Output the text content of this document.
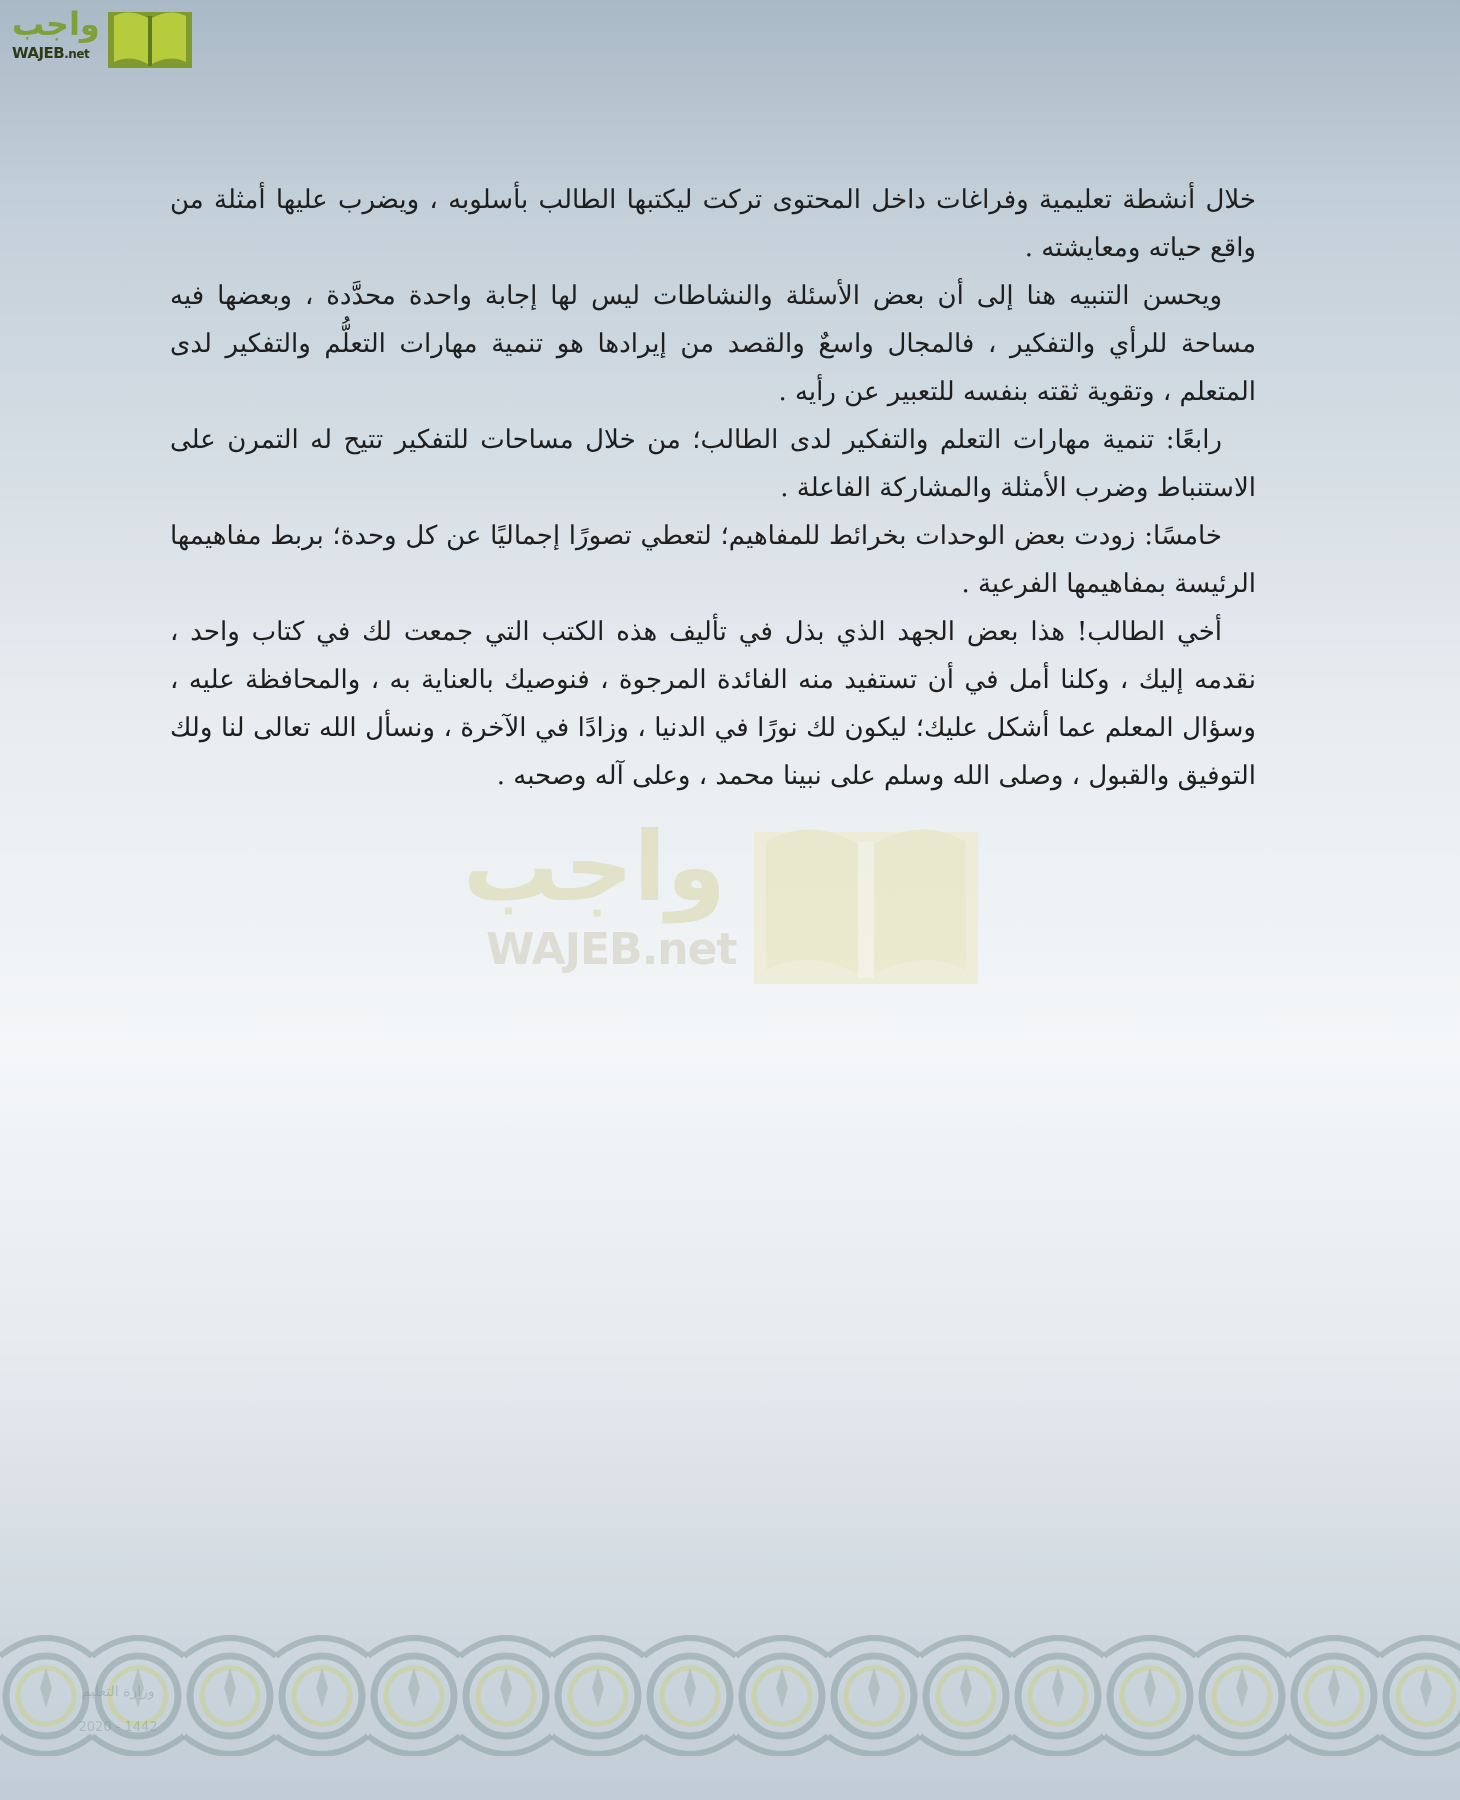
واجب
WAJEB.net

خلال أنشطة تعليمية وفراغات داخل المحتوى تركت ليكتبها الطالب بأسلوبه ، ويضرب عليها أمثلة من واقع حياته ومعايشته .

ويحسن التنبيه هنا إلى أن بعض الأسئلة والنشاطات ليس لها إجابة واحدة محدَّدة ، وبعضها فيه مساحة للرأي والتفكير ، فالمجال واسعٌ والقصد من إيرادها هو تنمية مهارات التعلُّم والتفكير لدى المتعلم ، وتقوية ثقته بنفسه للتعبير عن رأيه .

رابعًا: تنمية مهارات التعلم والتفكير لدى الطالب؛ من خلال مساحات للتفكير تتيح له التمرن على الاستنباط وضرب الأمثلة والمشاركة الفاعلة .

خامسًا: زودت بعض الوحدات بخرائط للمفاهيم؛ لتعطي تصورًا إجماليًا عن كل وحدة؛ بربط مفاهيمها الرئيسة بمفاهيمها الفرعية .

أخي الطالب! هذا بعض الجهد الذي بذل في تأليف هذه الكتب التي جمعت لك في كتاب واحد ، نقدمه إليك ، وكلنا أمل في أن تستفيد منه الفائدة المرجوة ، فنوصيك بالعناية به ، والمحافظة عليه ، وسؤال المعلم عما أشكل عليك؛ ليكون لك نورًا في الدنيا ، وزادًا في الآخرة ، ونسأل الله تعالى لنا ولك التوفيق والقبول ، وصلى الله وسلم على نبينا محمد ، وعلى آله وصحبه .

واجب
WAJEB.net
وزارة التعليم
2020 - 1442
